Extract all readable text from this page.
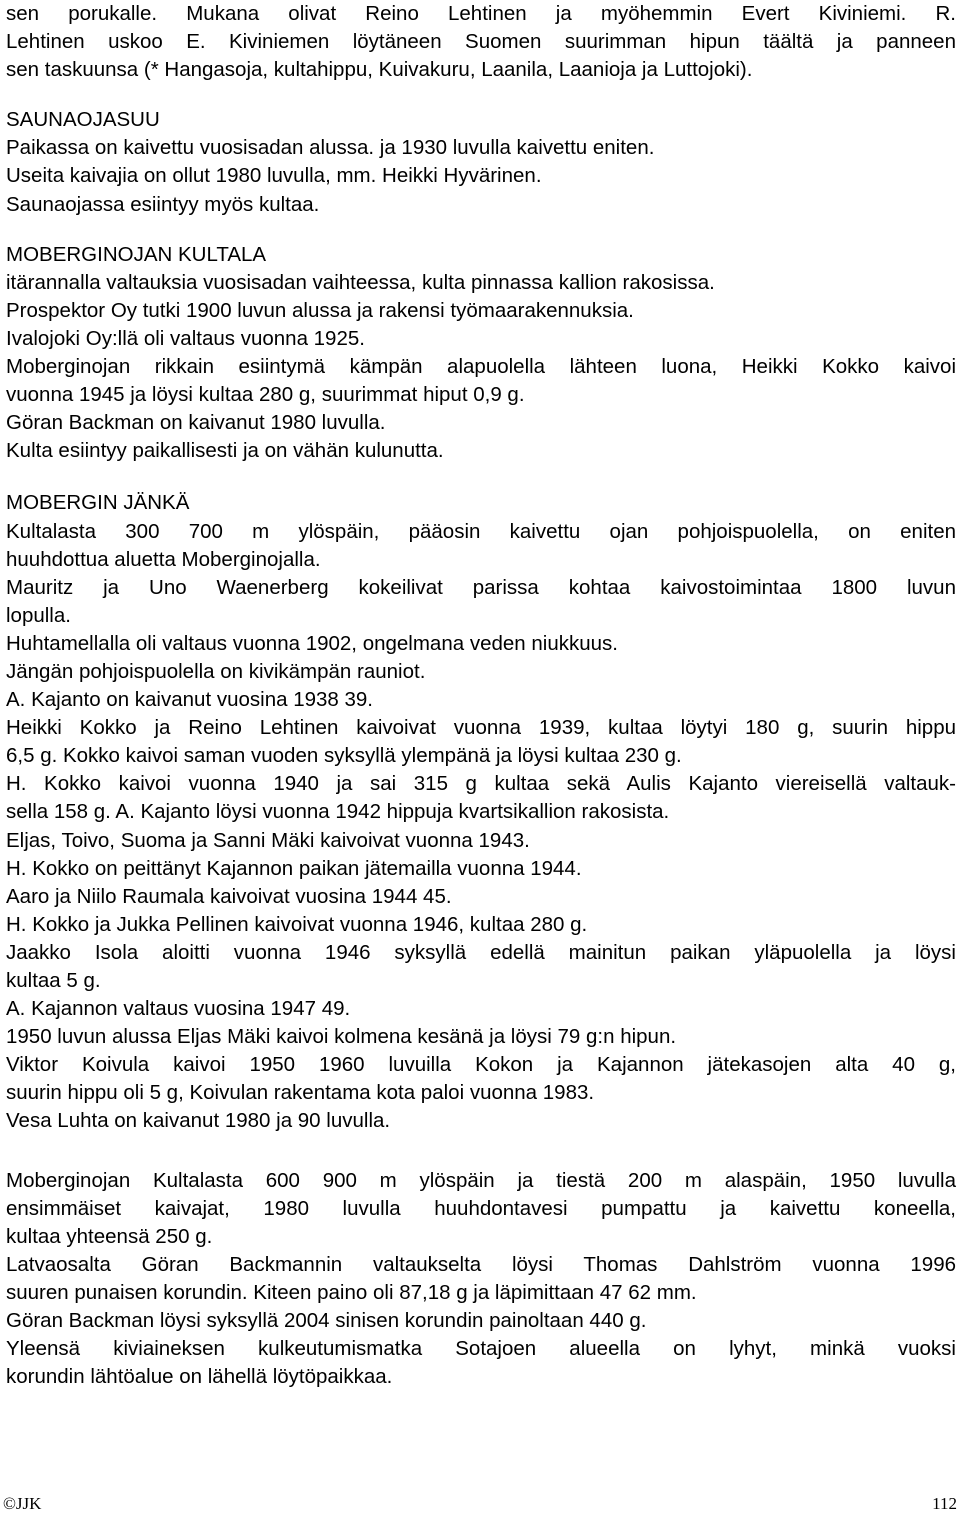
sen porukalle. Mukana olivat Reino Lehtinen ja myöhemmin Evert Kiviniemi. R.
Lehtinen uskoo E. Kiviniemen löytäneen Suomen suurimman hipun täältä ja panneen
sen taskuunsa (* Hangasoja, kultahippu, Kuivakuru, Laanila, Laanioja ja Luttojoki).
SAUNAOJASUU
Paikassa on kaivettu vuosisadan alussa. ja 1930 luvulla kaivettu eniten.
Useita kaivajia on ollut 1980 luvulla, mm. Heikki Hyvärinen.
Saunaojassa esiintyy myös kultaa.
MOBERGINOJAN KULTALA
itärannalla valtauksia vuosisadan vaihteessa, kulta pinnassa kallion rakosissa.
Prospektor Oy tutki 1900 luvun alussa ja rakensi työmaarakennuksia.
Ivalojoki Oy:llä oli valtaus vuonna 1925.
Moberginojan rikkain esiintymä kämpän alapuolella lähteen luona, Heikki Kokko kaivoi
vuonna 1945 ja löysi kultaa 280 g, suurimmat hiput 0,9 g.
Göran Backman on kaivanut 1980 luvulla.
Kulta esiintyy paikallisesti ja on vähän kulunutta.
MOBERGIN JÄNKÄ
Kultalasta 300 700 m ylöspäin, pääosin kaivettu ojan pohjoispuolella, on eniten
huuhdottua aluetta Moberginojalla.
Mauritz ja Uno Waenerberg kokeilivat parissa kohtaa kaivostoimintaa 1800 luvun
lopulla.
Huhtamellalla oli valtaus vuonna 1902, ongelmana veden niukkuus.
Jängän pohjoispuolella on kivikämpän rauniot.
A. Kajanto on kaivanut vuosina 1938 39.
Heikki Kokko ja Reino Lehtinen kaivoivat vuonna 1939, kultaa löytyi 180 g, suurin hippu
6,5 g. Kokko kaivoi saman vuoden syksyllä ylempänä ja löysi kultaa 230 g.
H. Kokko kaivoi vuonna 1940 ja sai 315 g kultaa sekä Aulis Kajanto viereisellä valtauk-
sella 158 g. A. Kajanto löysi vuonna 1942 hippuja kvartsikallion rakosista.
Eljas, Toivo, Suoma ja Sanni Mäki kaivoivat vuonna 1943.
H. Kokko on peittänyt Kajannon paikan jätemailla vuonna 1944.
Aaro ja Niilo Raumala kaivoivat vuosina 1944 45.
H. Kokko ja Jukka Pellinen kaivoivat vuonna 1946, kultaa 280 g.
Jaakko Isola aloitti vuonna 1946 syksyllä edellä mainitun paikan yläpuolella ja löysi
kultaa 5 g.
A. Kajannon valtaus vuosina 1947 49.
1950 luvun alussa Eljas Mäki kaivoi kolmena kesänä ja löysi 79 g:n hipun.
Viktor Koivula kaivoi 1950 1960 luvuilla Kokon ja Kajannon jätekasojen alta 40 g,
suurin hippu oli 5 g, Koivulan rakentama kota paloi vuonna 1983.
Vesa Luhta on kaivanut 1980 ja 90 luvulla.
Moberginojan Kultalasta 600 900 m ylöspäin ja tiestä 200 m alaspäin, 1950 luvulla
ensimmäiset kaivajat, 1980 luvulla huuhdontavesi pumpattu ja kaivettu koneella,
kultaa yhteensä 250 g.
Latvaosalta Göran Backmannin valtaukselta löysi Thomas Dahlström vuonna 1996
suuren punaisen korundin. Kiteen paino oli 87,18 g ja läpimittaan 47 62 mm.
Göran Backman löysi syksyllä 2004 sinisen korundin painoltaan 440 g.
Yleensä kiviaineksen kulkeutumismatka Sotajoen alueella on lyhyt, minkä vuoksi
korundin lähtöalue on lähellä löytöpaikkaa.
©JJK	112
